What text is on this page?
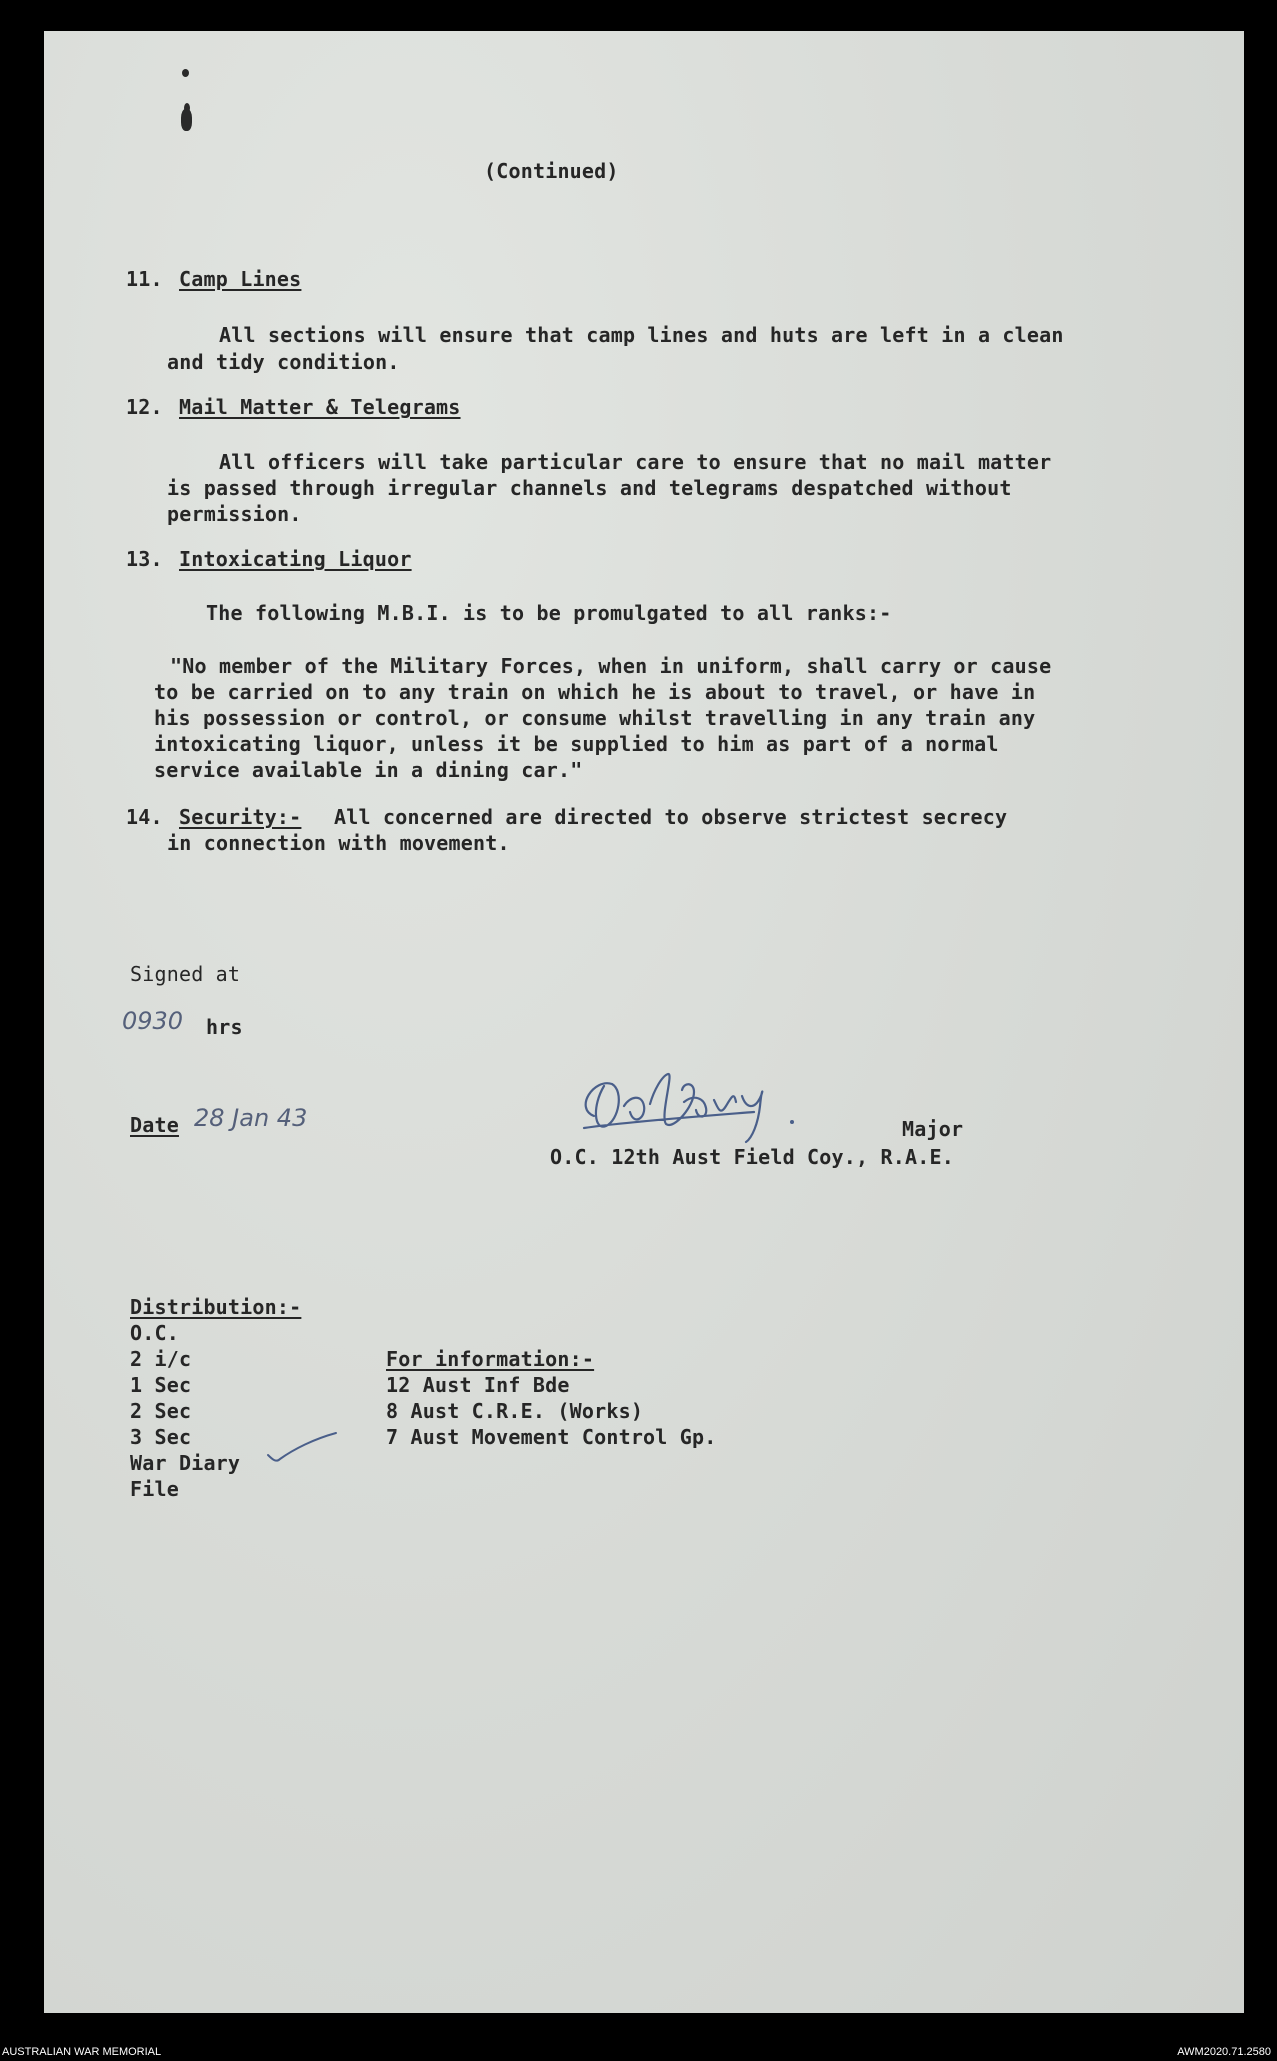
(Continued)
11. Camp Lines
All sections will ensure that camp lines and huts are left in a clean
and tidy condition.
12. Mail Matter & Telegrams
All officers will take particular care to ensure that no mail matter
is passed through irregular channels and telegrams despatched without
permission.
13. Intoxicating Liquor
The following M.B.I. is to be promulgated to all ranks:-
"No member of the Military Forces, when in uniform, shall carry or cause
to be carried on to any train on which he is about to travel, or have in
his possession or control, or consume whilst travelling in any train any
intoxicating liquor, unless it be supplied to him as part of a normal
service available in a dining car."
14. Security:- All concerned are directed to observe strictest secrecy
in connection with movement.
Signed at
0930 hrs
Date 28 Jan 43	Major
O.C. 12th Aust Field Coy., R.A.E.
Distribution:-
O.C.
2 i/c
1 Sec
2 Sec
3 Sec
War Diary
File
For information:-
12 Aust Inf Bde
8 Aust C.R.E. (Works)
7 Aust Movement Control Gp.
AUSTRALIAN WAR MEMORIAL	AWM2020.71.2580
